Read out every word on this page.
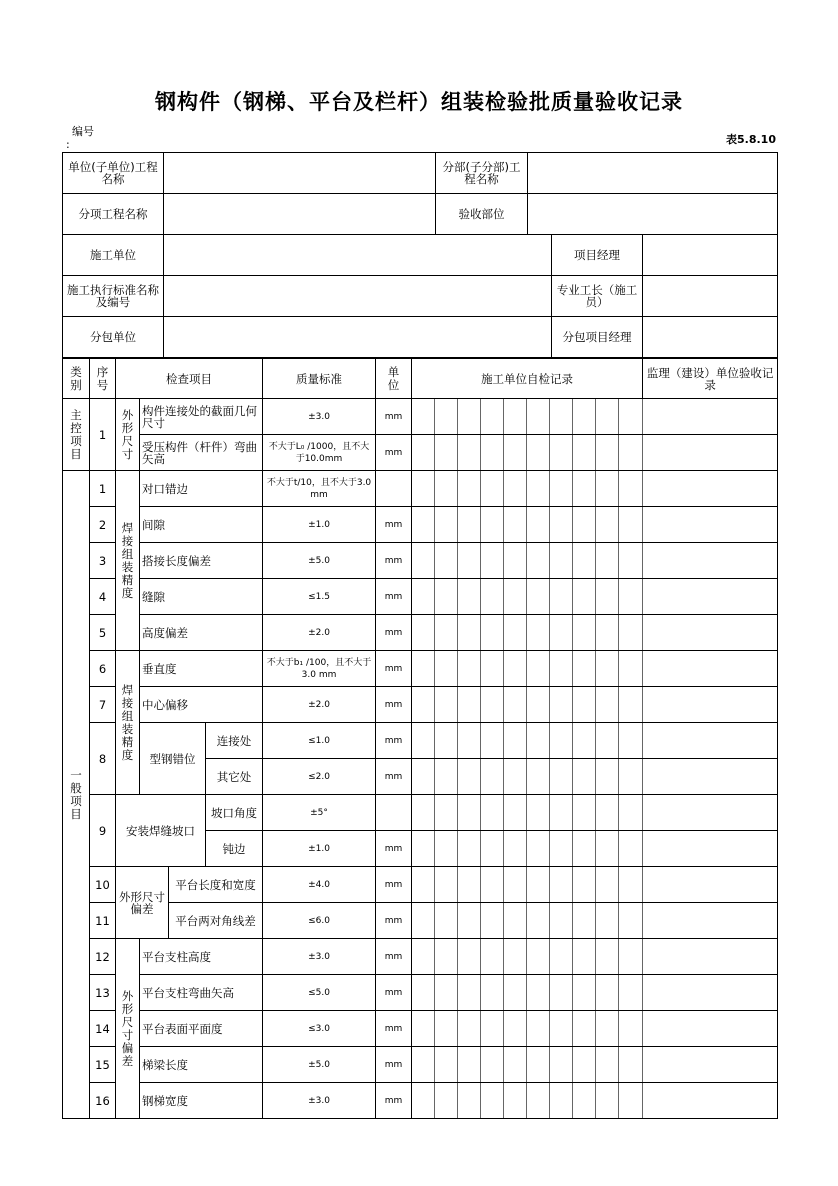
钢构件（钢梯、平台及栏杆）组装检验批质量验收记录
编号
:	表5.8.10
单位(子单位)工程名称		分部(子分部)工程名称			
分项工程名称		验收部位			
施工单位				项目经理	
施工执行标准名称及编号				专业工长（施工员）	
分包单位				分包项目经理	
类别	序号	检查项目				质量标准	单位	施工单位自检记录										监理（建设）单位验收记录
主控项目	1	外形尺寸	构件连接处的截面几何尺寸			±3.0	mm											
			受压构件（杆件）弯曲矢高			不大于L₀ /1000，且不大于10.0mm	mm											
一般项目	1	焊接组装精度	对口错边			不大于t/10，且不大于3.0 mm												
	2		间隙			±1.0	mm											
	3		搭接长度偏差			±5.0	mm											
	4		缝隙			≤1.5	mm											
	5		高度偏差			±2.0	mm											
	6	焊接组装精度	垂直度			不大于b₁ /100，且不大于3.0 mm	mm											
	7		中心偏移			±2.0	mm											
	8		型钢错位		连接处	≤1.0	mm											
					其它处	≤2.0	mm											
	9	安装焊缝坡口			坡口角度	±5°												
					钝边	±1.0	mm											
	10	外形尺寸偏差		平台长度和宽度		±4.0	mm											
	11			平台两对角线差		≤6.0	mm											
	12	外形尺寸偏差	平台支柱高度			±3.0	mm											
	13		平台支柱弯曲矢高			≤5.0	mm											
	14		平台表面平面度			≤3.0	mm											
	15		梯梁长度			±5.0	mm											
	16		钢梯宽度			±3.0	mm											
